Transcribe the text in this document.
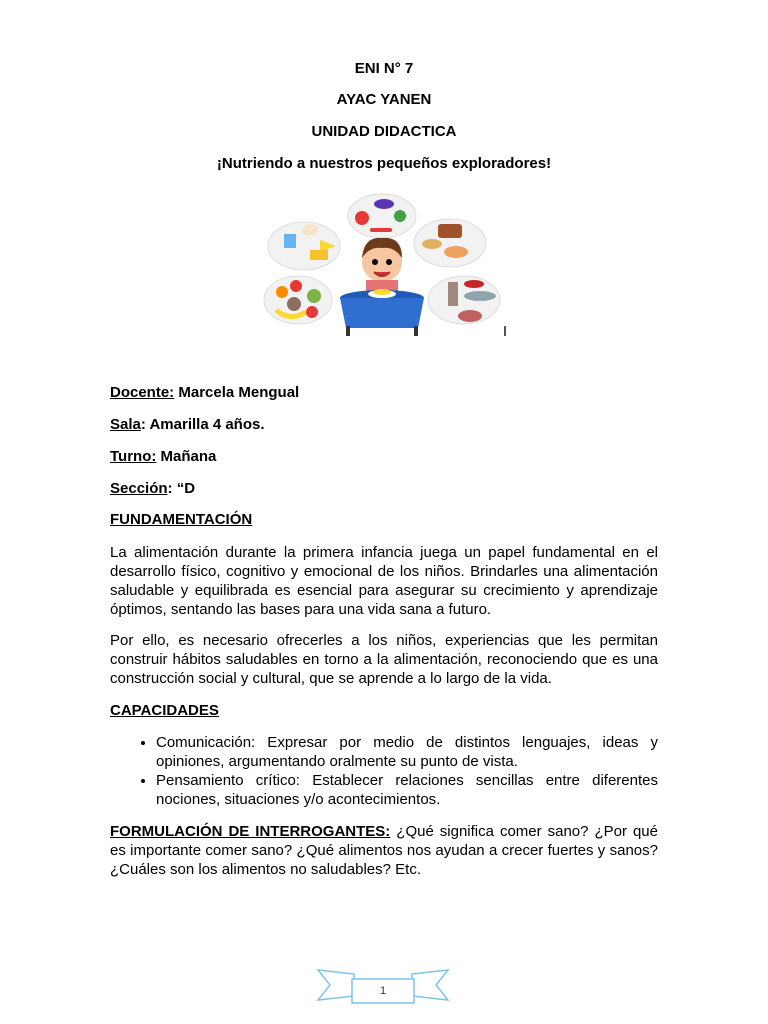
ENI N° 7
AYAC YANEN
UNIDAD DIDACTICA
¡Nutriendo a nuestros pequeños exploradores!
Docente: Marcela Mengual
Sala: Amarilla 4 años.
Turno: Mañana
Sección: “D
FUNDAMENTACIÓN

La alimentación durante la primera infancia juega un papel fundamental en el desarrollo físico, cognitivo y emocional de los niños. Brindarles una alimentación saludable y equilibrada es esencial para asegurar su crecimiento y aprendizaje óptimos, sentando las bases para una vida sana a futuro.

Por ello, es necesario ofrecerles a los niños, experiencias que les permitan construir hábitos saludables en torno a la alimentación, reconociendo que es una construcción social y cultural, que se aprende a lo largo de la vida.

CAPACIDADES
• Comunicación: Expresar por medio de distintos lenguajes, ideas y opiniones, argumentando oralmente su punto de vista.
• Pensamiento crítico: Establecer relaciones sencillas entre diferentes nociones, situaciones y/o acontecimientos.

FORMULACIÓN DE INTERROGANTES: ¿Qué significa comer sano? ¿Por qué es importante comer sano? ¿Qué alimentos nos ayudan a crecer fuertes y sanos? ¿Cuáles son los alimentos no saludables? Etc.

1
